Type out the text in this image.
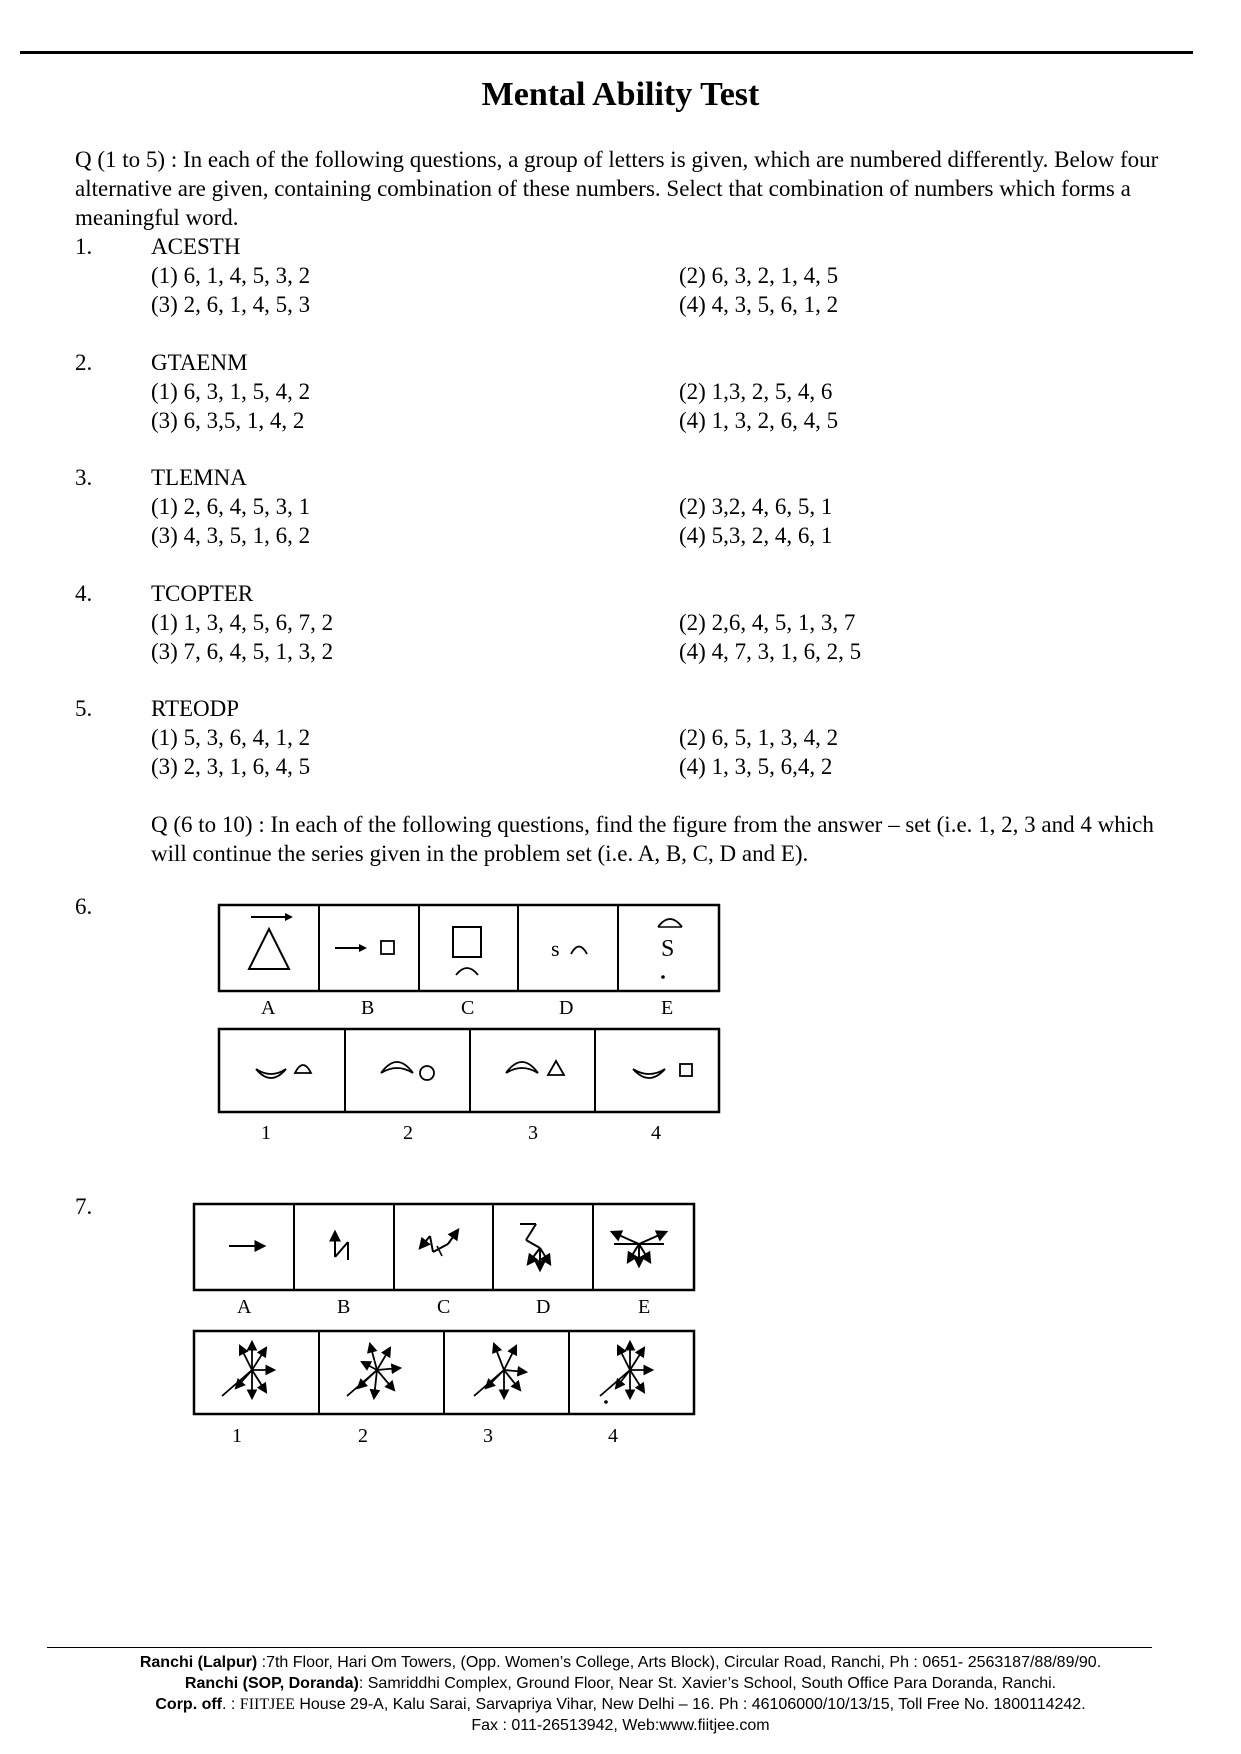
Mental Ability Test
Q (1 to 5) : In each of the following questions, a group of letters is given, which are numbered differently. Below four alternative are given, containing combination of these numbers. Select that combination of numbers which forms a meaningful word.
1.	ACESTH
(1) 6, 1, 4, 5, 3, 2	(2) 6, 3, 2, 1, 4, 5
(3) 2, 6, 1, 4, 5, 3	(4) 4, 3, 5, 6, 1, 2
2.	GTAENM
(1) 6, 3, 1, 5, 4, 2	(2) 1,3, 2, 5, 4, 6
(3) 6, 3,5, 1, 4, 2	(4) 1, 3, 2, 6, 4, 5
3.	TLEMNA
(1) 2, 6, 4, 5, 3, 1	(2) 3,2, 4, 6, 5, 1
(3) 4, 3, 5, 1, 6, 2	(4) 5,3, 2, 4, 6, 1
4.	TCOPTER
(1) 1, 3, 4, 5, 6, 7, 2	(2) 2,6, 4, 5, 1, 3, 7
(3) 7, 6, 4, 5, 1, 3, 2	(4) 4, 7, 3, 1, 6, 2, 5
5.	RTEODP
(1) 5, 3, 6, 4, 1, 2	(2) 6, 5, 1, 3, 4, 2
(3) 2, 3, 1, 6, 4, 5	(4) 1, 3, 5, 6,4, 2
Q (6 to 10) : In each of the following questions, find the figure from the answer – set (i.e. 1, 2, 3 and 4 which will continue the series given in the problem set (i.e. A, B, C, D and E).
6.
s	S
A	B	C	D	E
1	2	3	4
7.
A	B	C	D	E
1	2	3	4
Ranchi (Lalpur) :7th Floor, Hari Om Towers, (Opp. Women’s College, Arts Block), Circular Road, Ranchi, Ph : 0651- 2563187/88/89/90.
Ranchi (SOP, Doranda): Samriddhi Complex, Ground Floor, Near St. Xavier’s School, South Office Para Doranda, Ranchi.
Corp. off. : FIITJEE House 29-A, Kalu Sarai, Sarvapriya Vihar, New Delhi – 16. Ph : 46106000/10/13/15, Toll Free No. 1800114242.
Fax : 011-26513942, Web:www.fiitjee.com
